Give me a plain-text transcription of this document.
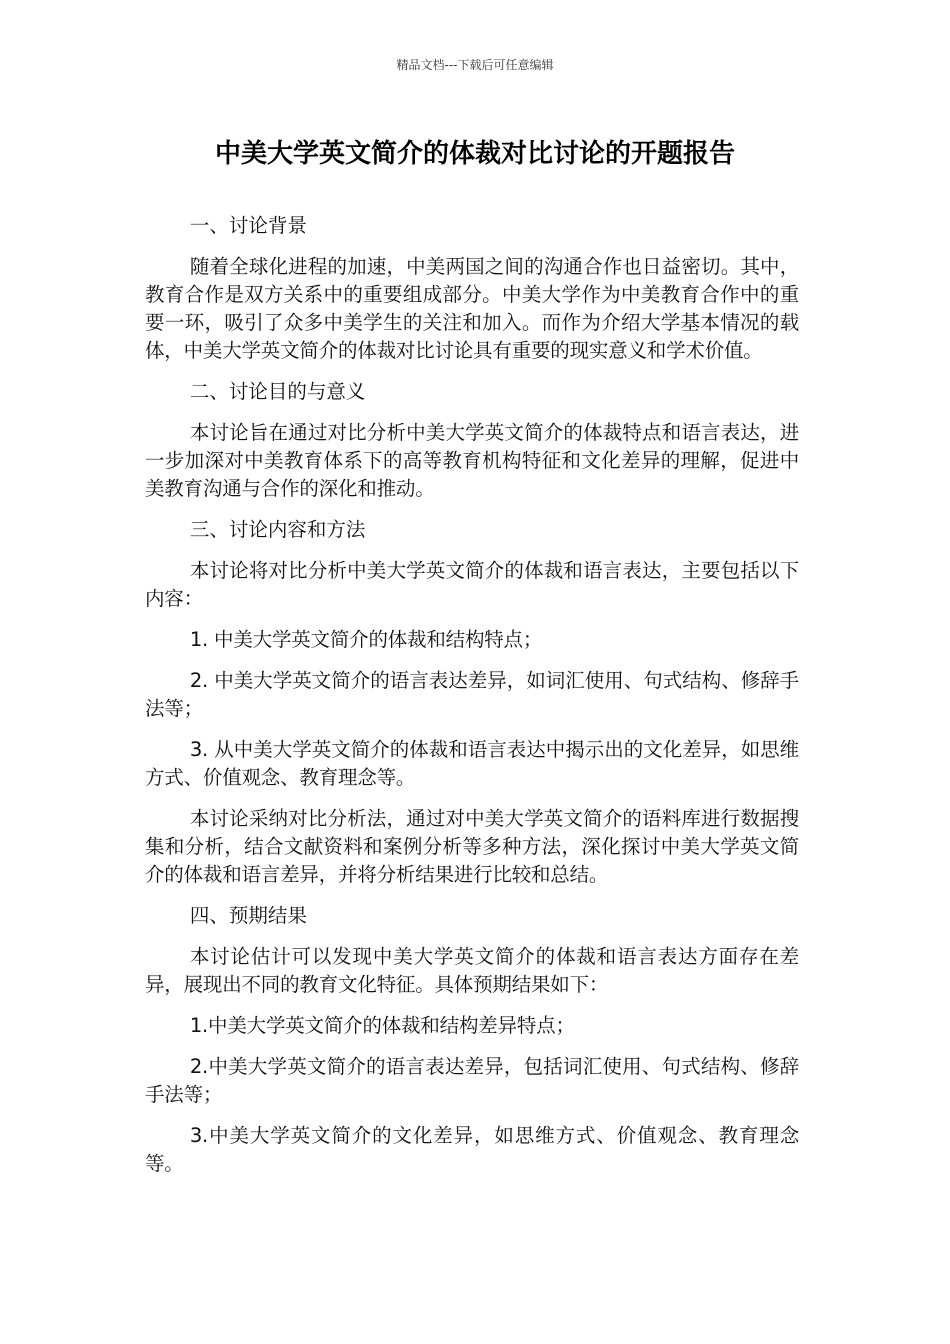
精品文档---下载后可任意编辑
中美大学英文简介的体裁对比讨论的开题报告

一、讨论背景

随着全球化进程的加速，中美两国之间的沟通合作也日益密切。其中，教育合作是双方关系中的重要组成部分。中美大学作为中美教育合作中的重要一环，吸引了众多中美学生的关注和加入。而作为介绍大学基本情况的载体，中美大学英文简介的体裁对比讨论具有重要的现实意义和学术价值。

二、讨论目的与意义

本讨论旨在通过对比分析中美大学英文简介的体裁特点和语言表达，进一步加深对中美教育体系下的高等教育机构特征和文化差异的理解，促进中美教育沟通与合作的深化和推动。

三、讨论内容和方法

本讨论将对比分析中美大学英文简介的体裁和语言表达，主要包括以下内容：

1. 中美大学英文简介的体裁和结构特点；

2. 中美大学英文简介的语言表达差异，如词汇使用、句式结构、修辞手法等；

3. 从中美大学英文简介的体裁和语言表达中揭示出的文化差异，如思维方式、价值观念、教育理念等。

本讨论采纳对比分析法，通过对中美大学英文简介的语料库进行数据搜集和分析，结合文献资料和案例分析等多种方法，深化探讨中美大学英文简介的体裁和语言差异，并将分析结果进行比较和总结。

四、预期结果

本讨论估计可以发现中美大学英文简介的体裁和语言表达方面存在差异，展现出不同的教育文化特征。具体预期结果如下：

1.中美大学英文简介的体裁和结构差异特点；

2.中美大学英文简介的语言表达差异，包括词汇使用、句式结构、修辞手法等；

3.中美大学英文简介的文化差异，如思维方式、价值观念、教育理念等。
